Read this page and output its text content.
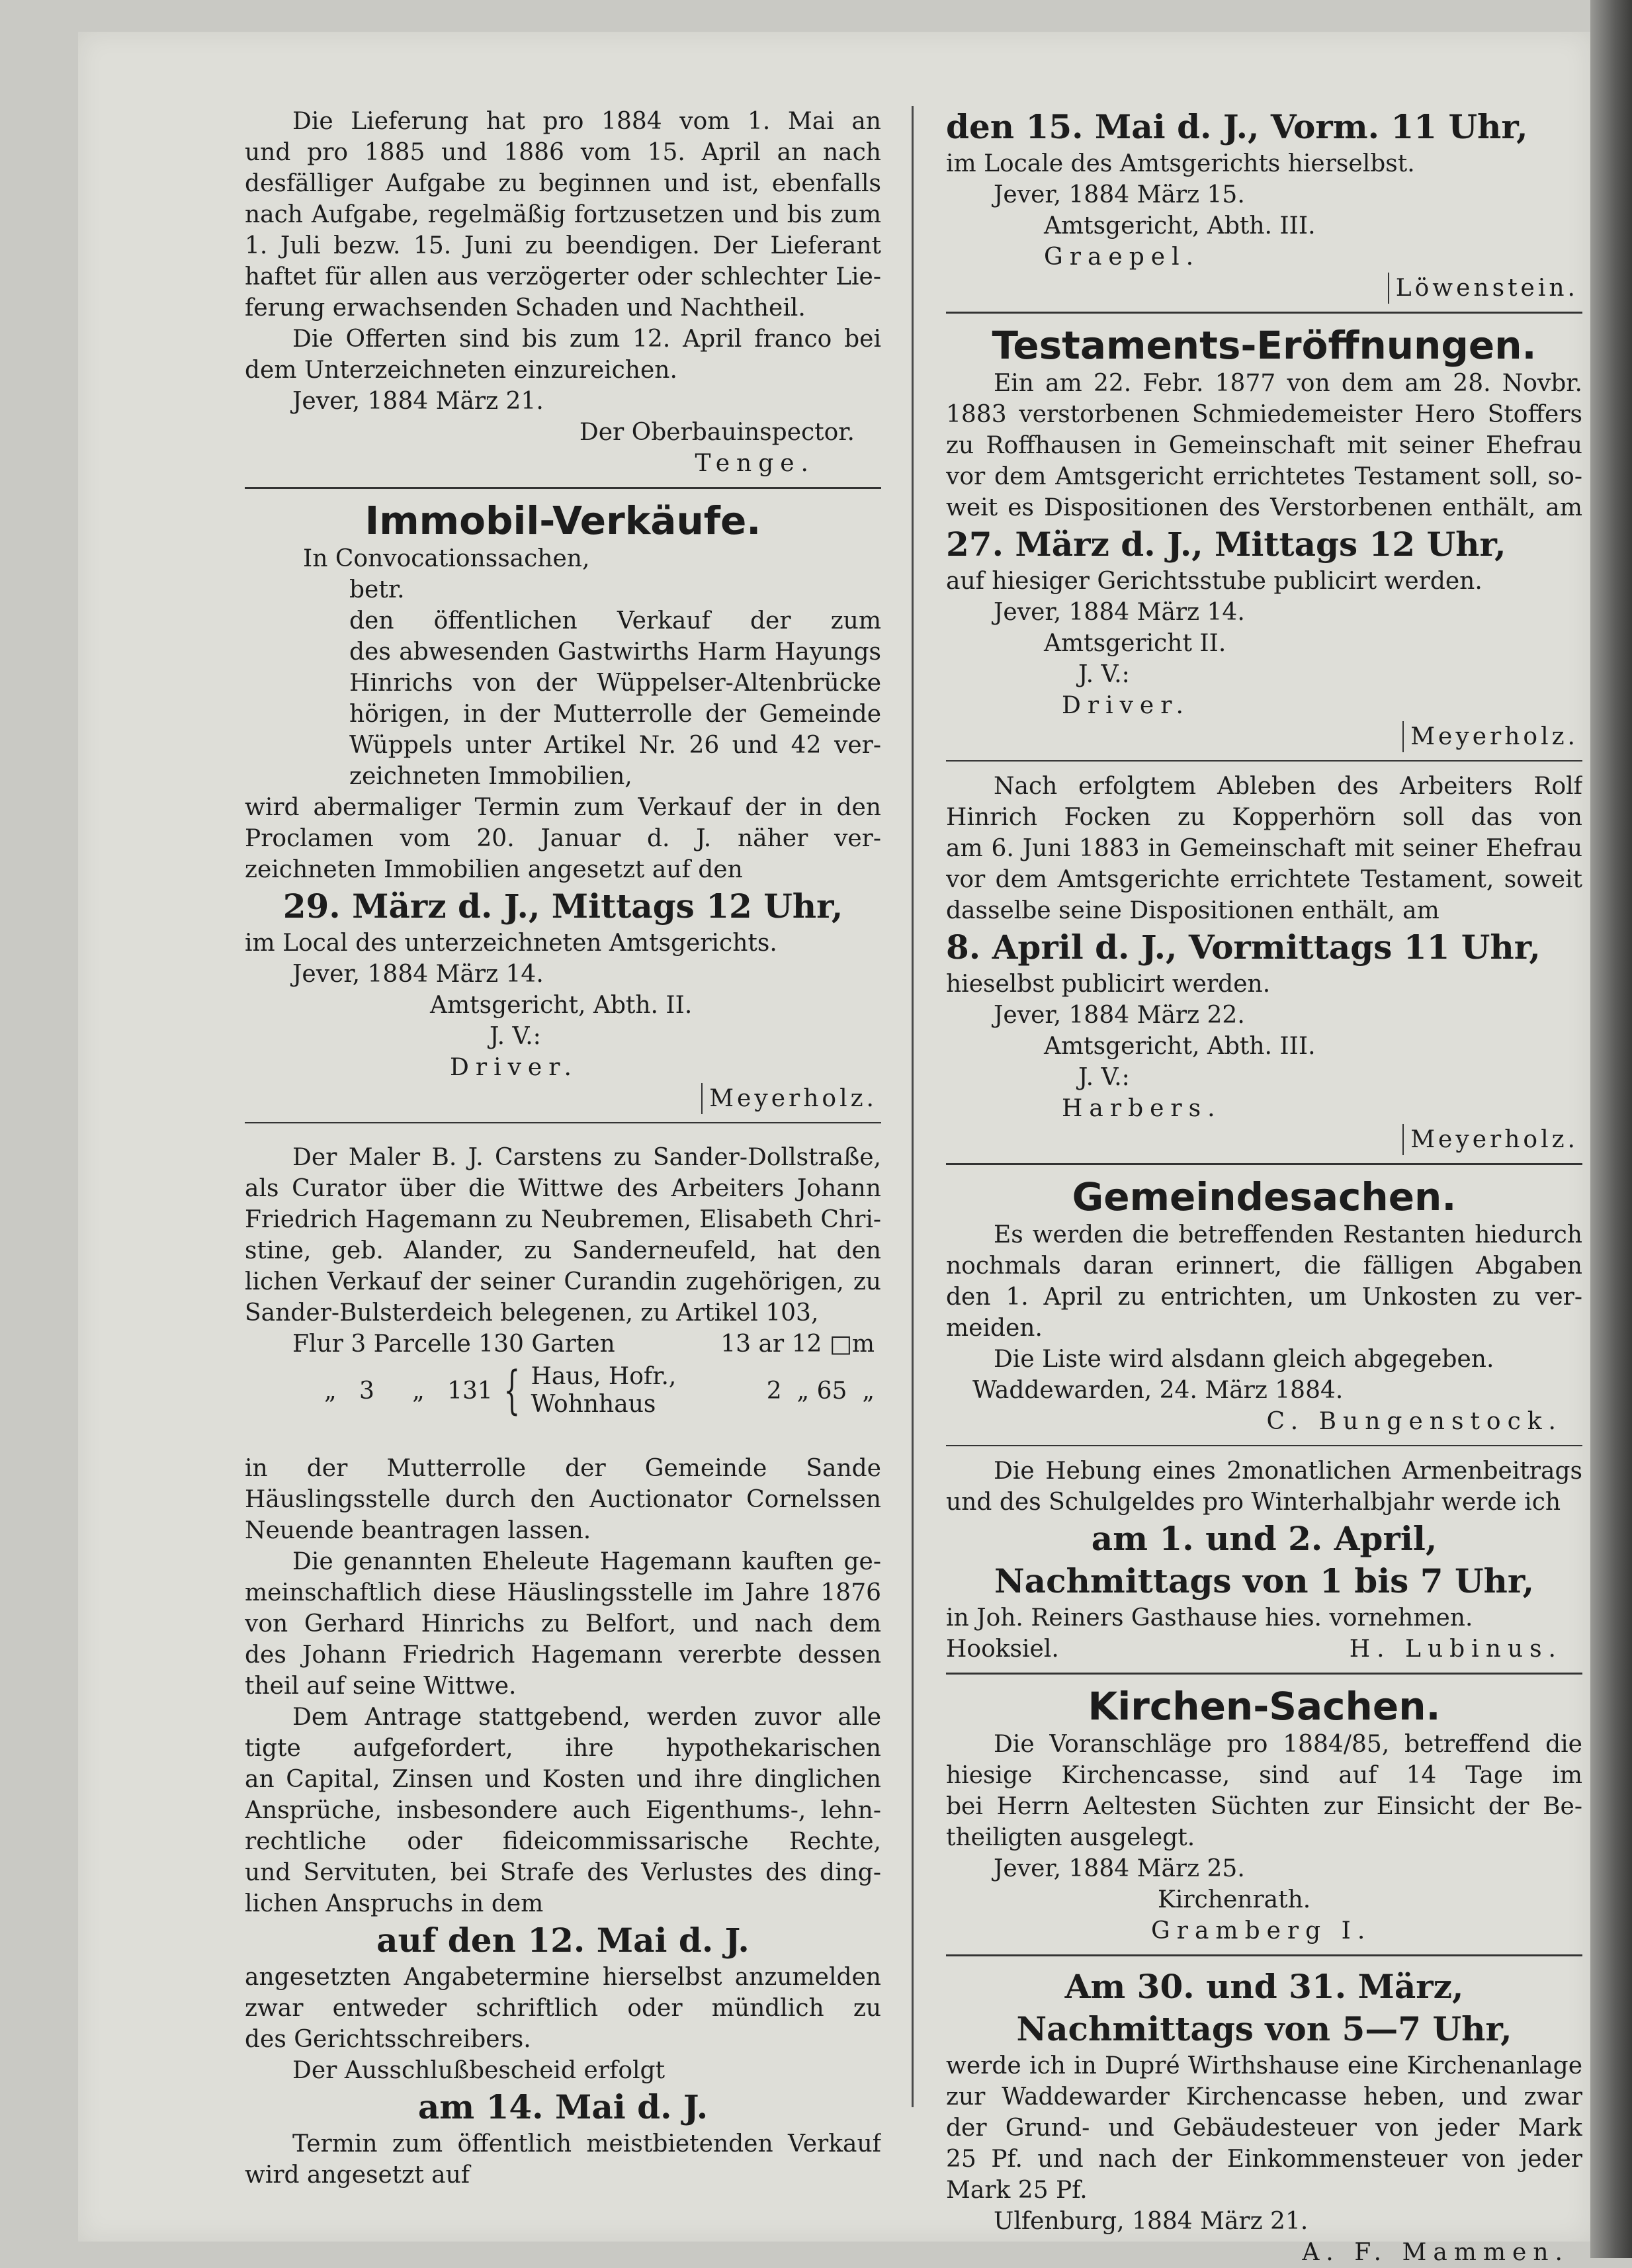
Die Lieferung hat pro 1884 vom 1. Mai an
und pro 1885 und 1886 vom 15. April an nach
desfälliger Aufgabe zu beginnen und ist, ebenfalls
nach Aufgabe, regelmäßig fortzusetzen und bis zum
1. Juli bezw. 15. Juni zu beendigen. Der Lieferant
haftet für allen aus verzögerter oder schlechter Lie-
ferung erwachsenden Schaden und Nachtheil.
Die Offerten sind bis zum 12. April franco bei
dem Unterzeichneten einzureichen.
Jever, 1884 März 21.
Der Oberbauinspector.
Tenge.
Immobil-Verkäufe.
In Convocationssachen,
betr.
den öffentlichen Verkauf der zum
des abwesenden Gastwirths Harm Hayungs
Hinrichs von der Wüppelser-Altenbrücke
hörigen, in der Mutterrolle der Gemeinde
Wüppels unter Artikel Nr. 26 und 42 ver-
zeichneten Immobilien,
wird abermaliger Termin zum Verkauf der in den
Proclamen vom 20. Januar d. J. näher ver-
zeichneten Immobilien angesetzt auf den
29. März d. J., Mittags 12 Uhr,
im Local des unterzeichneten Amtsgerichts.
Jever, 1884 März 14.
Amtsgericht, Abth. II.
J. V.:
Driver.
Meyerholz.
Der Maler B. J. Carstens zu Sander-Dollstraße,
als Curator über die Wittwe des Arbeiters Johann
Friedrich Hagemann zu Neubremen, Elisabeth Chri-
stine, geb. Alander, zu Sanderneufeld, hat den
lichen Verkauf der seiner Curandin zugehörigen, zu
Sander-Bulsterdeich belegenen, zu Artikel 103,
Flur 3 Parcelle 130 Garten	13 ar 12 □m
„   3     „   131 { Haus, Hofr.,
Wohnhaus	2  „ 65  „

in der Mutterrolle der Gemeinde Sande
Häuslingsstelle durch den Auctionator Cornelssen
Neuende beantragen lassen.
Die genannten Eheleute Hagemann kauften ge-
meinschaftlich diese Häuslingsstelle im Jahre 1876
von Gerhard Hinrichs zu Belfort, und nach dem
des Johann Friedrich Hagemann vererbte dessen
theil auf seine Wittwe.
Dem Antrage stattgebend, werden zuvor alle
tigte aufgefordert, ihre hypothekarischen
an Capital, Zinsen und Kosten und ihre dinglichen
Ansprüche, insbesondere auch Eigenthums-, lehn-
rechtliche oder fideicommissarische Rechte,
und Servituten, bei Strafe des Verlustes des ding-
lichen Anspruchs in dem
auf den 12. Mai d. J.
angesetzten Angabetermine hierselbst anzumelden
zwar entweder schriftlich oder mündlich zu
des Gerichtsschreibers.
Der Ausschlußbescheid erfolgt
am 14. Mai d. J.
Termin zum öffentlich meistbietenden Verkauf
wird angesetzt auf
den 15. Mai d. J., Vorm. 11 Uhr,
im Locale des Amtsgerichts hierselbst.
Jever, 1884 März 15.
Amtsgericht, Abth. III.
Graepel.
Löwenstein.
Testaments-Eröffnungen.
Ein am 22. Febr. 1877 von dem am 28. Novbr.
1883 verstorbenen Schmiedemeister Hero Stoffers
zu Roffhausen in Gemeinschaft mit seiner Ehefrau
vor dem Amtsgericht errichtetes Testament soll, so-
weit es Dispositionen des Verstorbenen enthält, am
27. März d. J., Mittags 12 Uhr,
auf hiesiger Gerichtsstube publicirt werden.
Jever, 1884 März 14.
Amtsgericht II.
J. V.:
Driver.
Meyerholz.
Nach erfolgtem Ableben des Arbeiters Rolf
Hinrich Focken zu Kopperhörn soll das von
am 6. Juni 1883 in Gemeinschaft mit seiner Ehefrau
vor dem Amtsgerichte errichtete Testament, soweit
dasselbe seine Dispositionen enthält, am
8. April d. J., Vormittags 11 Uhr,
hieselbst publicirt werden.
Jever, 1884 März 22.
Amtsgericht, Abth. III.
J. V.:
Harbers.
Meyerholz.
Gemeindesachen.
Es werden die betreffenden Restanten hiedurch
nochmals daran erinnert, die fälligen Abgaben
den 1. April zu entrichten, um Unkosten zu ver-
meiden.
Die Liste wird alsdann gleich abgegeben.
Waddewarden, 24. März 1884.
C. Bungenstock.
Die Hebung eines 2monatlichen Armenbeitrags
und des Schulgeldes pro Winterhalbjahr werde ich
am 1. und 2. April,
Nachmittags von 1 bis 7 Uhr,
in Joh. Reiners Gasthause hies. vornehmen.
Hooksiel.	H. Lubinus.
Kirchen-Sachen.
Die Voranschläge pro 1884/85, betreffend die
hiesige Kirchencasse, sind auf 14 Tage im
bei Herrn Aeltesten Süchten zur Einsicht der Be-
theiligten ausgelegt.
Jever, 1884 März 25.
Kirchenrath.
Gramberg I.
Am 30. und 31. März,
Nachmittags von 5—7 Uhr,
werde ich in Dupré Wirthshause eine Kirchenanlage
zur Waddewarder Kirchencasse heben, und zwar
der Grund- und Gebäudesteuer von jeder Mark
25 Pf. und nach der Einkommensteuer von jeder
Mark 25 Pf.
Ulfenburg, 1884 März 21.
A. F. Mammen.
